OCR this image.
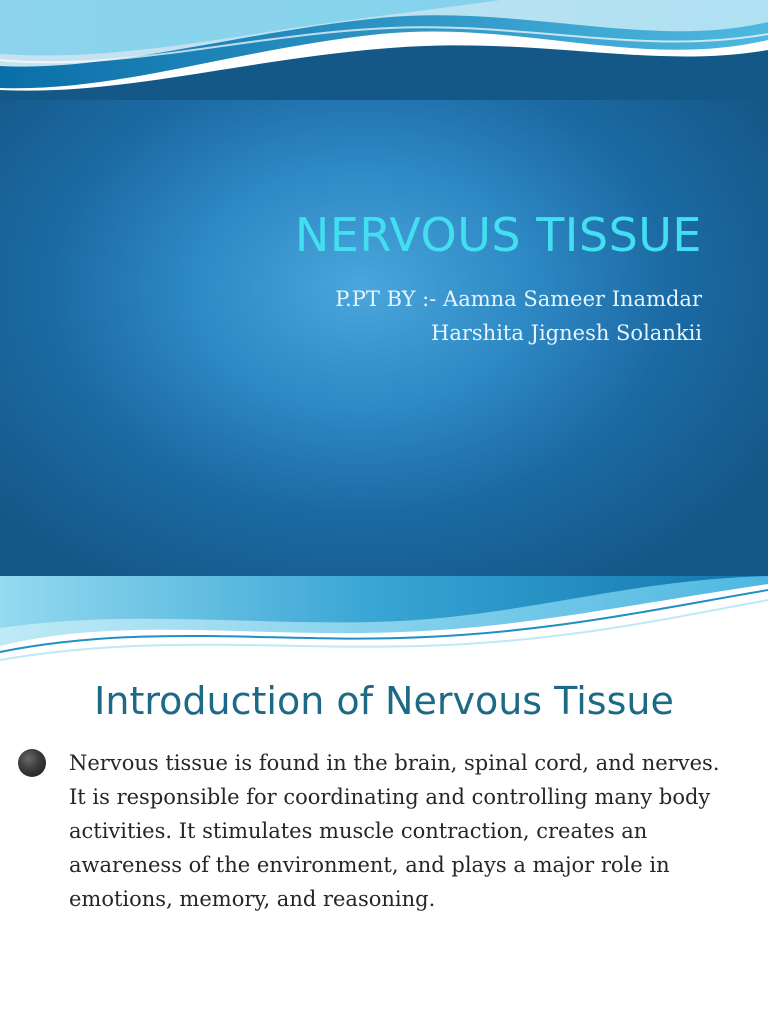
NERVOUS TISSUE
P.PT BY :- Aamna Sameer Inamdar
Harshita Jignesh Solankii
Introduction of Nervous Tissue
Nervous tissue is found in the brain, spinal cord, and nerves. It is responsible for coordinating and controlling many body activities. It stimulates muscle contraction, creates an awareness of the environment, and plays a major role in emotions, memory, and reasoning.
